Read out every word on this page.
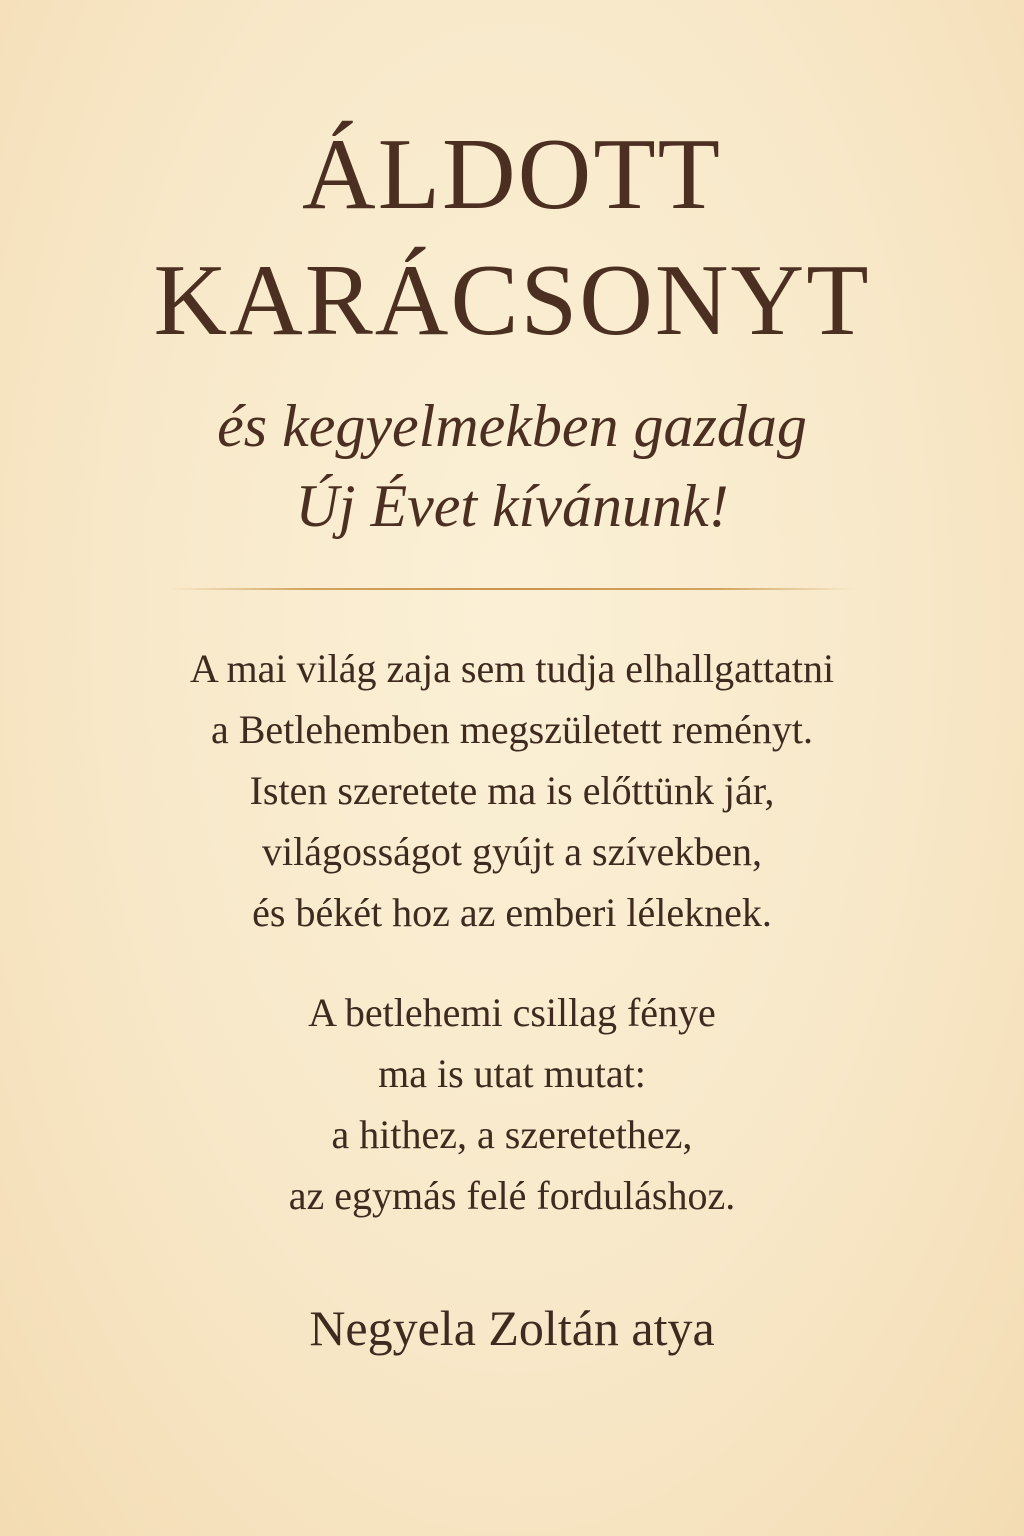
ÁLDOTT
KARÁCSONYT
és kegyelmekben gazdag
Új Évet kívánunk!
A mai világ zaja sem tudja elhallgattatni
a Betlehemben megszületett reményt.
Isten szeretete ma is előttünk jár,
világosságot gyújt a szívekben,
és békét hoz az emberi léleknek.
A betlehemi csillag fénye
ma is utat mutat:
a hithez, a szeretethez,
az egymás felé forduláshoz.
Negyela Zoltán atya
